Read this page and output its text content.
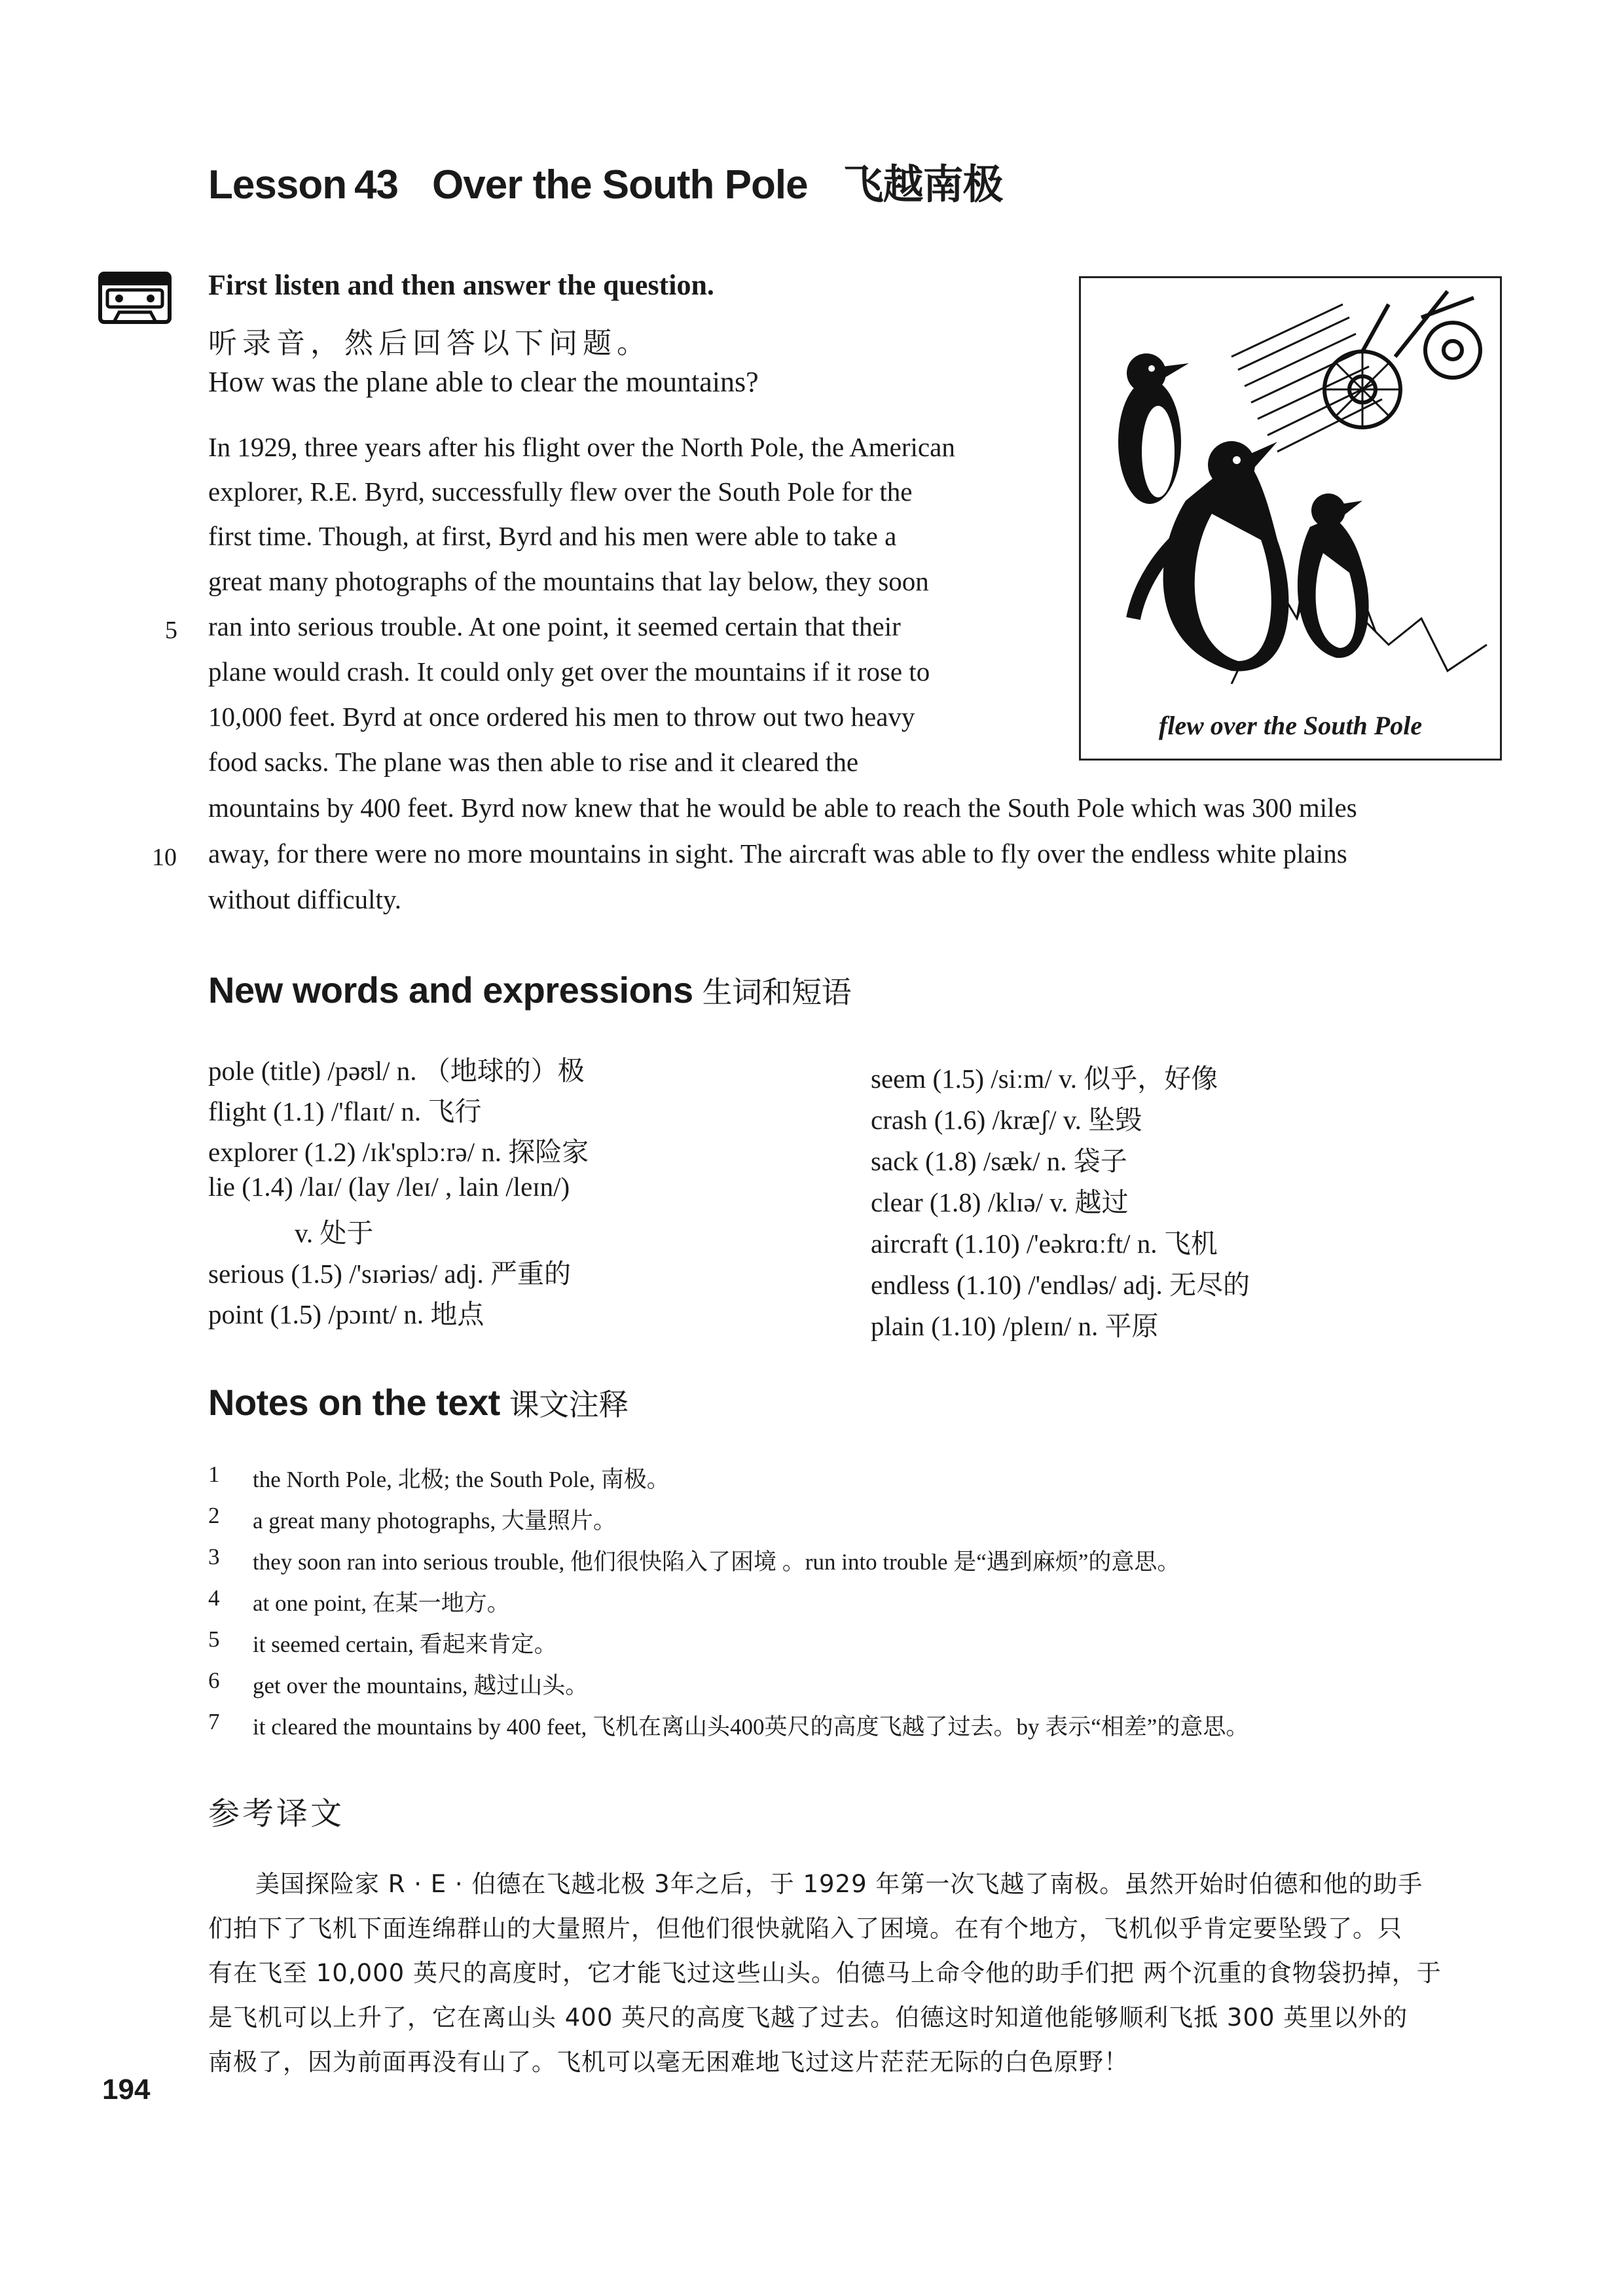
Lesson 43 Over the South Pole 飞越南极
First listen and then answer the question.
听录音，然后回答以下问题。
How was the plane able to clear the mountains?
In 1929, three years after his flight over the North Pole, the American
explorer, R.E. Byrd, successfully flew over the South Pole for the
first time. Though, at first, Byrd and his men were able to take a
great many photographs of the mountains that lay below, they soon
ran into serious trouble. At one point, it seemed certain that their
plane would crash. It could only get over the mountains if it rose to
10,000 feet. Byrd at once ordered his men to throw out two heavy
food sacks. The plane was then able to rise and it cleared the
mountains by 400 feet. Byrd now knew that he would be able to reach the South Pole which was 300 miles
away, for there were no more mountains in sight. The aircraft was able to fly over the endless white plains
without difficulty.
5
10
flew over the South Pole
New words and expressions 生词和短语
pole (title) /pəʊl/ n. （地球的）极
flight (1.1) /'flaɪt/ n. 飞行
explorer (1.2) /ɪk'splɔːrə/ n. 探险家
lie (1.4) /laɪ/ (lay /leɪ/ , lain /leɪn/)
v. 处于
serious (1.5) /'sɪəriəs/ adj. 严重的
point (1.5) /pɔɪnt/ n. 地点
seem (1.5) /siːm/ v. 似乎，好像
crash (1.6) /kræʃ/ v. 坠毁
sack (1.8) /sæk/ n. 袋子
clear (1.8) /klɪə/ v. 越过
aircraft (1.10) /'eəkrɑːft/ n. 飞机
endless (1.10) /'endləs/ adj. 无尽的
plain (1.10) /pleɪn/ n. 平原
Notes on the text 课文注释
1 the North Pole, 北极; the South Pole, 南极。
2 a great many photographs, 大量照片。
3 they soon ran into serious trouble, 他们很快陷入了困境 。run into trouble 是“遇到麻烦”的意思。
4 at one point, 在某一地方。
5 it seemed certain, 看起来肯定。
6 get over the mountains, 越过山头。
7 it cleared the mountains by 400 feet, 飞机在离山头400英尺的高度飞越了过去。by 表示“相差”的意思。
参考译文
美国探险家 R · E · 伯德在飞越北极 3年之后，于 1929 年第一次飞越了南极。虽然开始时伯德和他的助手
们拍下了飞机下面连绵群山的大量照片，但他们很快就陷入了困境。在有个地方，飞机似乎肯定要坠毁了。只
有在飞至 10,000 英尺的高度时，它才能飞过这些山头。伯德马上命令他的助手们把 两个沉重的食物袋扔掉，于
是飞机可以上升了，它在离山头 400 英尺的高度飞越了过去。伯德这时知道他能够顺利飞抵 300 英里以外的
南极了，因为前面再没有山了。飞机可以毫无困难地飞过这片茫茫无际的白色原野！
194
